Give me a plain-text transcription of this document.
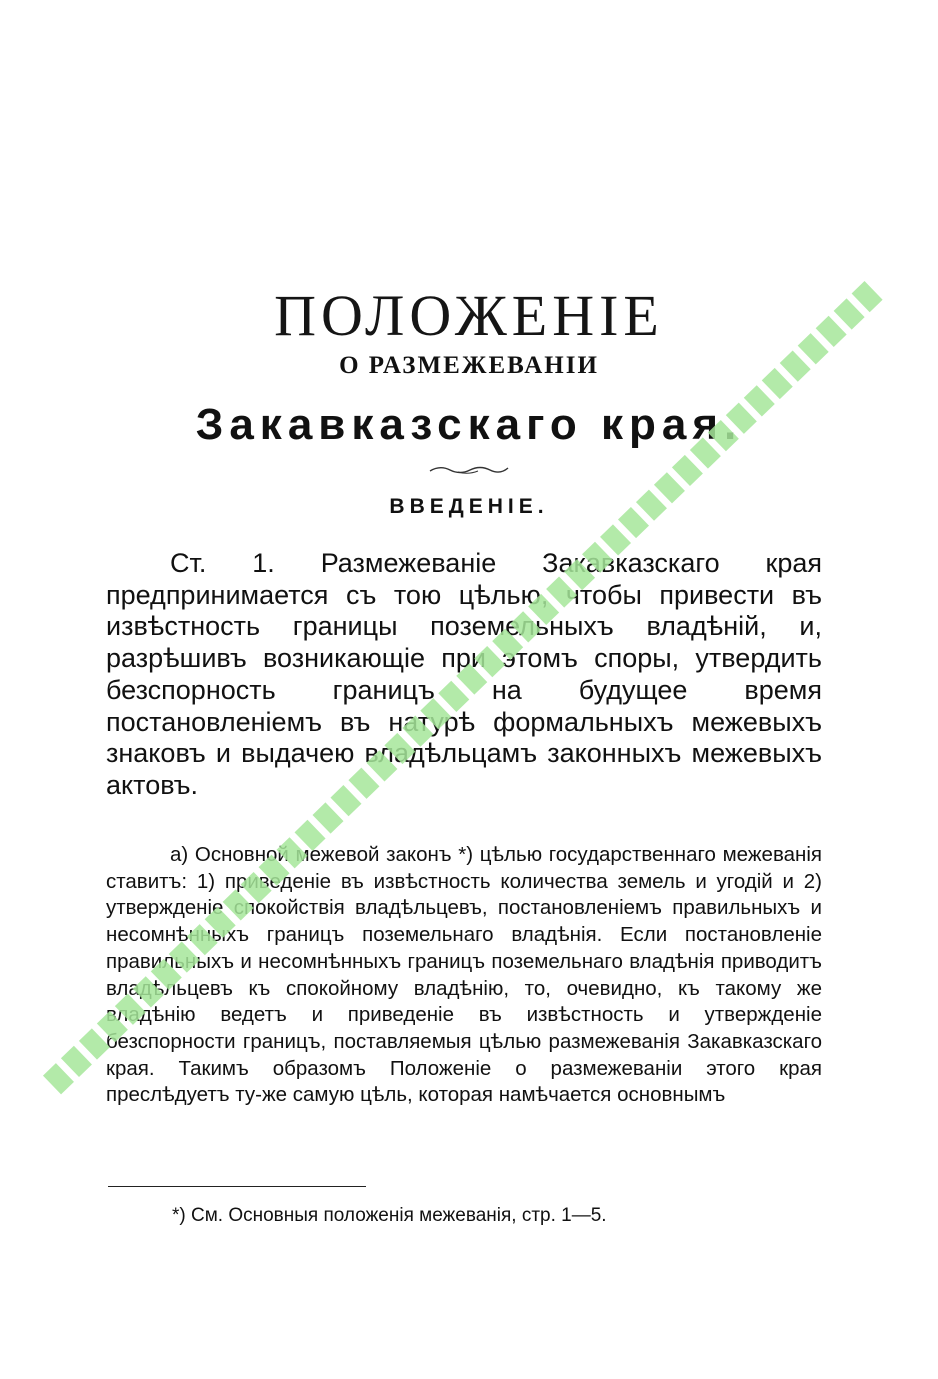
ПОЛОЖЕНІЕ
О РАЗМЕЖЕВАНІИ
Закавказскаго края.
ВВЕДЕНІЕ.

Ст. 1. Размежеванiе Закавказскаго края предпринимается съ тою цѣлью, чтобы привести въ извѣстность границы поземельныхъ владѣнiй, и, разрѣшивъ возникающiе при этомъ споры, утвердить безспорность границъ на будущее время постановленiемъ въ натурѣ формальныхъ межевыхъ знаковъ и выдачею владѣльцамъ законныхъ межевыхъ актовъ.

а) Основной межевой законъ *) цѣлью государственнаго межеванiя ставитъ: 1) приведенiе въ извѣстность количества земель и угодiй и 2) утвержденiе спокойствiя владѣльцевъ, постановленiемъ правильныхъ и несомнѣнныхъ границъ поземельнаго владѣнiя. Если постановленiе правильныхъ и несомнѣнныхъ границъ поземельнаго владѣнiя приводитъ владѣльцевъ къ спокойному владѣнiю, то, очевидно, къ такому же владѣнiю ведетъ и приведенiе въ извѣстность и утвержденiе безспорности границъ, поставляемыя цѣлью размежеванiя Закавказскаго края. Такимъ образомъ Положенiе о размежеванiи этого края преслѣдуетъ ту-же самую цѣль, которая намѣчается основнымъ

*) См. Основныя положенiя межеванiя, стр. 1—5.
